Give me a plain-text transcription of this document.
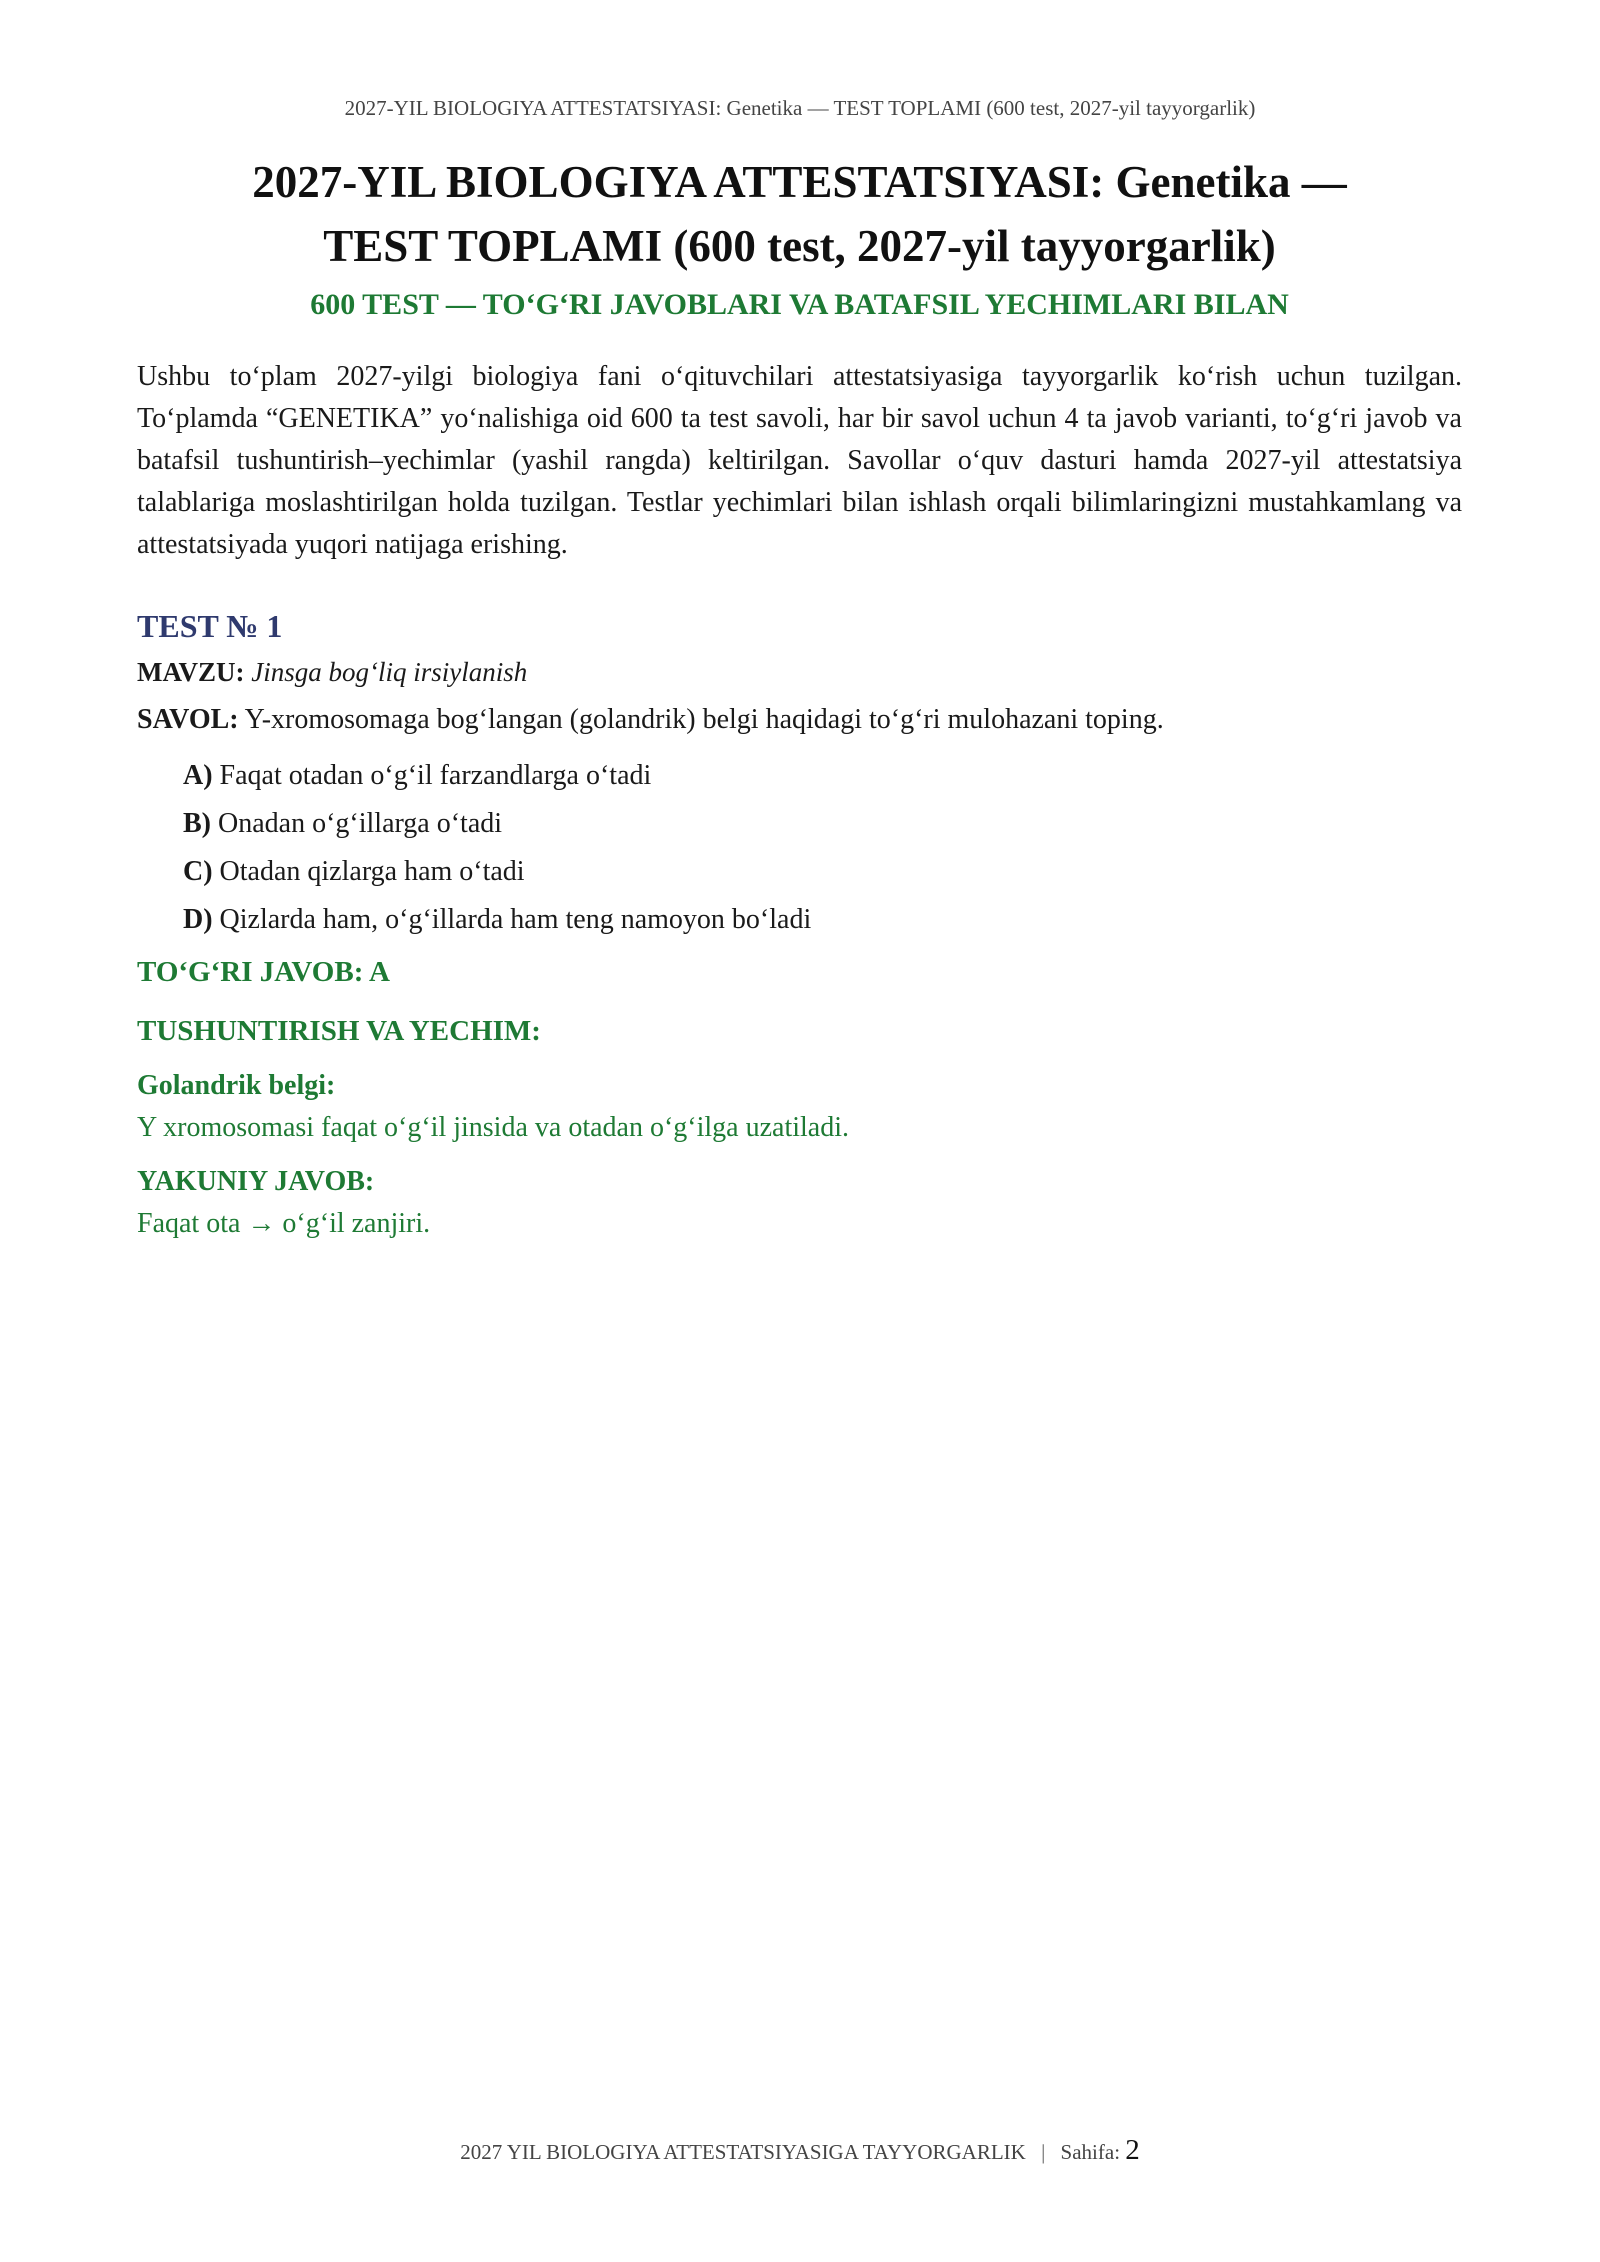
2027-YIL BIOLOGIYA ATTESTATSIYASI: Genetika — TEST TOPLAMI (600 test, 2027-yil tayyorgarlik)
2027-YIL BIOLOGIYA ATTESTATSIYASI: Genetika —
TEST TOPLAMI (600 test, 2027-yil tayyorgarlik)
600 TEST — TO‘G‘RI JAVOBLARI VA BATAFSIL YECHIMLARI BILAN

Ushbu to‘plam 2027-yilgi biologiya fani o‘qituvchilari attestatsiyasiga tayyorgarlik ko‘rish uchun tuzilgan. To‘plamda “GENETIKA” yo‘nalishiga oid 600 ta test savoli, har bir savol uchun 4 ta javob varianti, to‘g‘ri javob va batafsil tushuntirish–yechimlar (yashil rangda) keltirilgan. Savollar o‘quv dasturi hamda 2027-yil attestatsiya talablariga moslashtirilgan holda tuzilgan. Testlar yechimlari bilan ishlash orqali bilimlaringizni mustahkamlang va attestatsiyada yuqori natijaga erishing.

TEST № 1
MAVZU: Jinsga bog‘liq irsiylanish
SAVOL: Y-xromosomaga bog‘langan (golandrik) belgi haqidagi to‘g‘ri mulohazani toping.
A) Faqat otadan o‘g‘il farzandlarga o‘tadi
B) Onadan o‘g‘illarga o‘tadi
C) Otadan qizlarga ham o‘tadi
D) Qizlarda ham, o‘g‘illarda ham teng namoyon bo‘ladi
TO‘G‘RI JAVOB: A
TUSHUNTIRISH VA YECHIM:
Golandrik belgi:
Y xromosomasi faqat o‘g‘il jinsida va otadan o‘g‘ilga uzatiladi.
YAKUNIY JAVOB:
Faqat ota → o‘g‘il zanjiri.
2027 YIL BIOLOGIYA ATTESTATSIYASIGA TAYYORGARLIK | Sahifa: 2
